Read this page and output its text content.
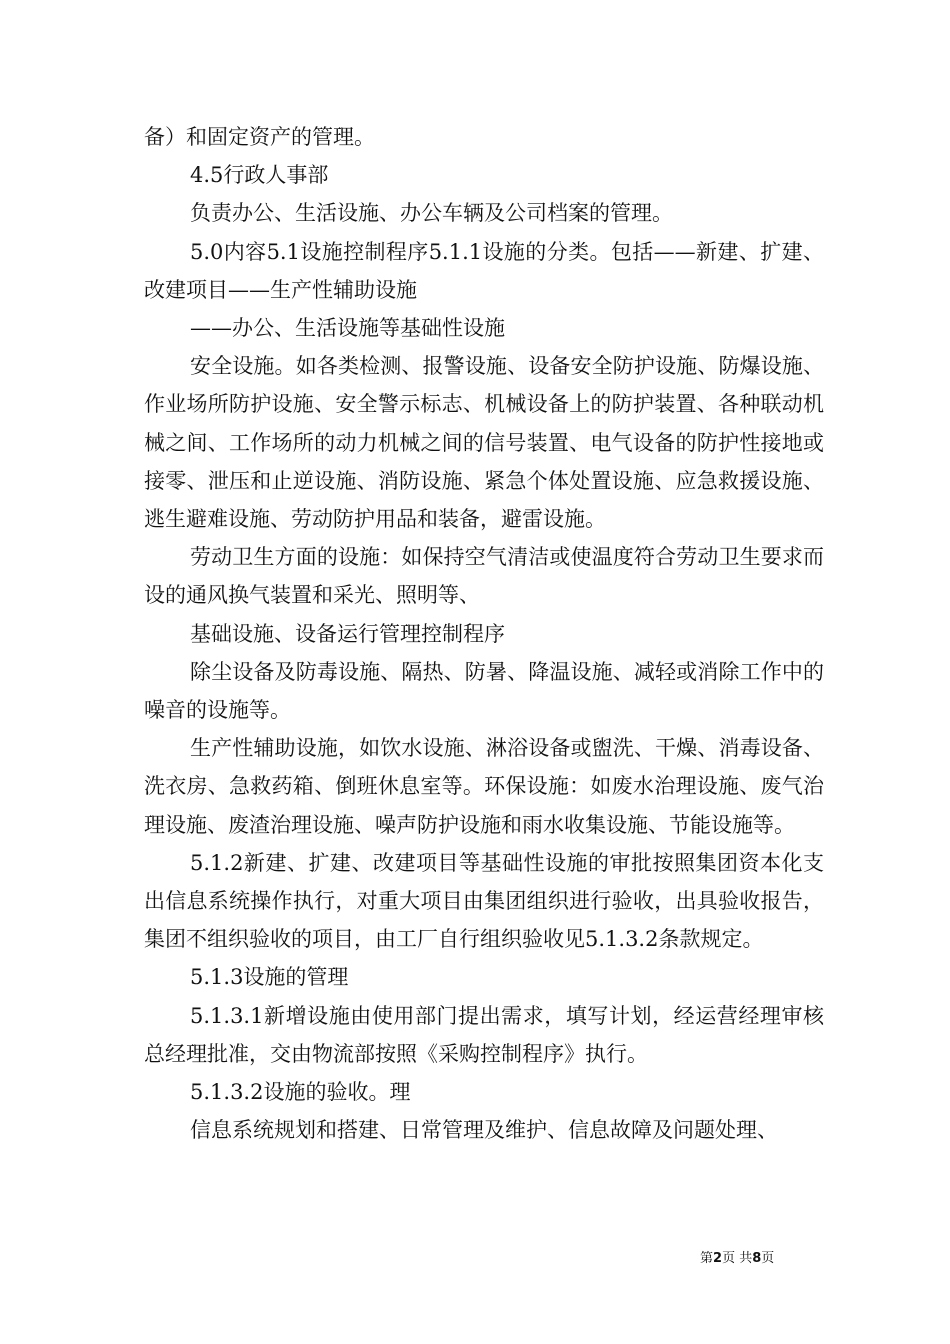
备）和固定资产的管理。

4.5行政人事部

负责办公、生活设施、办公车辆及公司档案的管理。

5.0内容5.1设施控制程序5.1.1设施的分类。包括——新建、扩建、改建项目——生产性辅助设施

——办公、生活设施等基础性设施

安全设施。如各类检测、报警设施、设备安全防护设施、防爆设施、作业场所防护设施、安全警示标志、机械设备上的防护装置、各种联动机械之间、工作场所的动力机械之间的信号装置、电气设备的防护性接地或接零、泄压和止逆设施、消防设施、紧急个体处置设施、应急救援设施、逃生避难设施、劳动防护用品和装备，避雷设施。

劳动卫生方面的设施：如保持空气清洁或使温度符合劳动卫生要求而设的通风换气装置和采光、照明等、

基础设施、设备运行管理控制程序

除尘设备及防毒设施、隔热、防暑、降温设施、减轻或消除工作中的噪音的设施等。

生产性辅助设施，如饮水设施、淋浴设备或盥洗、干燥、消毒设备、洗衣房、急救药箱、倒班休息室等。环保设施：如废水治理设施、废气治理设施、废渣治理设施、噪声防护设施和雨水收集设施、节能设施等。

5.1.2新建、扩建、改建项目等基础性设施的审批按照集团资本化支出信息系统操作执行，对重大项目由集团组织进行验收，出具验收报告，集团不组织验收的项目，由工厂自行组织验收见5.1.3.2条款规定。

5.1.3设施的管理

5.1.3.1新增设施由使用部门提出需求，填写计划，经运营经理审核总经理批准，交由物流部按照《采购控制程序》执行。

5.1.3.2设施的验收。理

信息系统规划和搭建、日常管理及维护、信息故障及问题处理、

第2页 共8页
